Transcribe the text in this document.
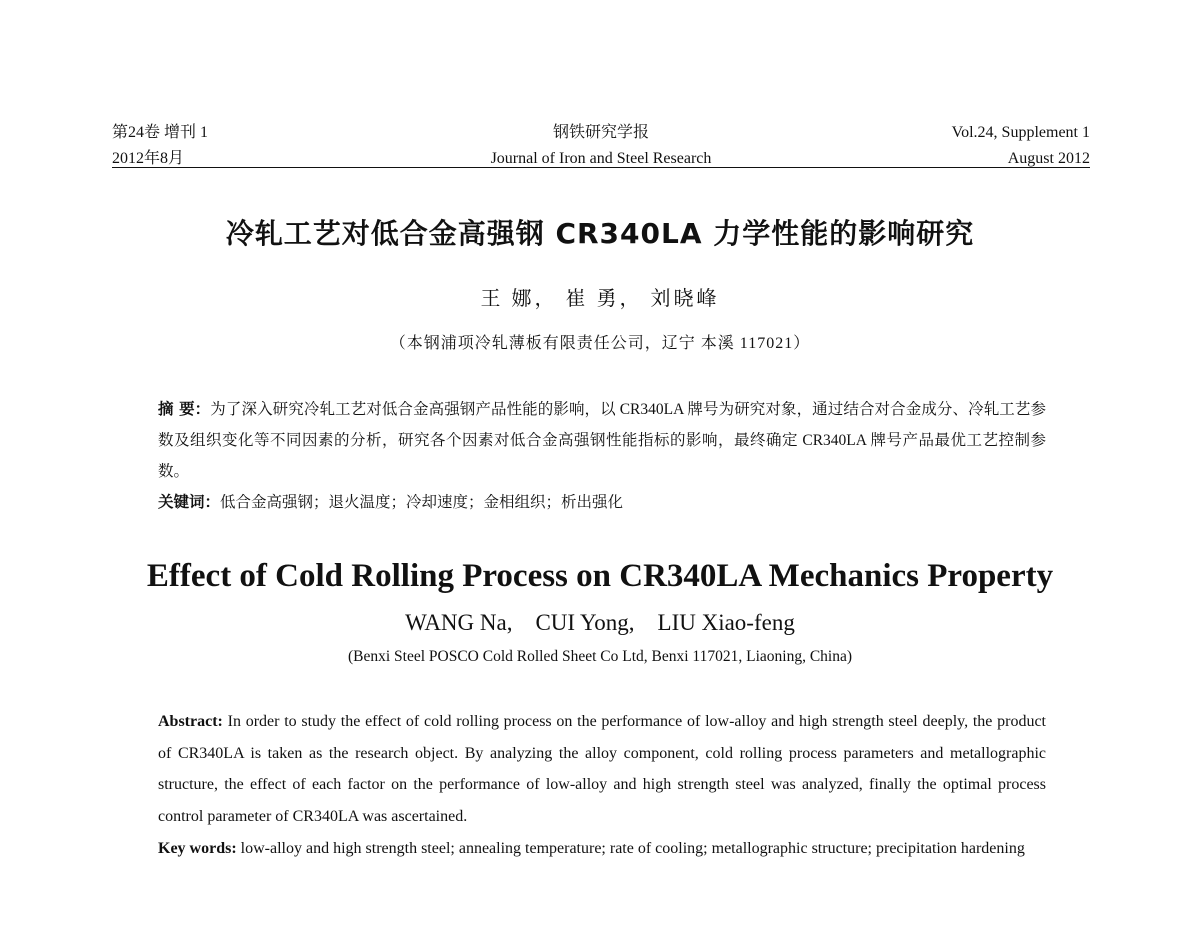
第24卷 增刊 1	钢铁研究学报	Vol.24, Supplement 1
2012年8月	Journal of Iron and Steel Research	August 2012
冷轧工艺对低合金高强钢 CR340LA 力学性能的影响研究
王 娜， 崔 勇， 刘晓峰
（本钢浦项冷轧薄板有限责任公司，辽宁 本溪 117021）
摘 要：为了深入研究冷轧工艺对低合金高强钢产品性能的影响，以 CR340LA 牌号为研究对象，通过结合对合金成分、冷轧工艺参数及组织变化等不同因素的分析，研究各个因素对低合金高强钢性能指标的影响，最终确定 CR340LA 牌号产品最优工艺控制参数。
关键词：低合金高强钢；退火温度；冷却速度；金相组织；析出强化
Effect of Cold Rolling Process on CR340LA Mechanics Property
WANG Na,    CUI Yong,    LIU Xiao-feng
(Benxi Steel POSCO Cold Rolled Sheet Co Ltd, Benxi 117021, Liaoning, China)
Abstract: In order to study the effect of cold rolling process on the performance of low-alloy and high strength steel deeply, the product of CR340LA is taken as the research object. By analyzing the alloy component, cold rolling process parameters and metallographic structure, the effect of each factor on the performance of low-alloy and high strength steel was analyzed, finally the optimal process control parameter of CR340LA was ascertained.
Key words: low-alloy and high strength steel; annealing temperature; rate of cooling; metallographic structure; precipitation hardening
